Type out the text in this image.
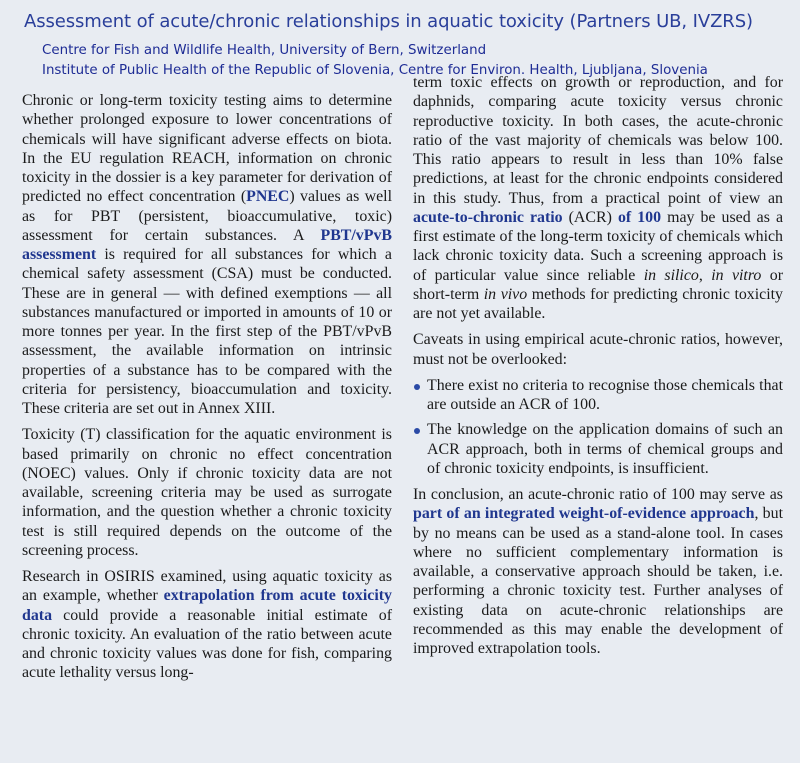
Assessment of acute/chronic relationships in aquatic toxicity (Partners UB, IVZRS)
Centre for Fish and Wildlife Health, University of Bern, Switzerland
Institute of Public Health of the Republic of Slovenia, Centre for Environ. Health, Ljubljana, Slovenia

Chronic or long-term toxicity testing aims to determine whether prolonged exposure to lower concentrations of chemicals will have significant adverse effects on biota. In the EU regulation REACH, information on chronic toxicity in the dossier is a key parameter for derivation of predicted no effect concentration (PNEC) values as well as for PBT (persistent, bioaccumulative, toxic) assessment for certain substances. A PBT/vPvB assessment is required for all substances for which a chemical safety assessment (CSA) must be conducted. These are in general — with defined exemptions — all substances manufactured or imported in amounts of 10 or more tonnes per year. In the first step of the PBT/vPvB assessment, the available information on intrinsic properties of a substance has to be compared with the criteria for persistency, bioaccumulation and toxicity. These criteria are set out in Annex XIII.

Toxicity (T) classification for the aquatic environment is based primarily on chronic no effect concentration (NOEC) values. Only if chronic toxicity data are not available, screening criteria may be used as surrogate information, and the question whether a chronic toxicity test is still required depends on the outcome of the screening process.

Research in OSIRIS examined, using aquatic toxicity as an example, whether extrapolation from acute toxicity data could provide a reasonable initial estimate of chronic toxicity. An evaluation of the ratio between acute and chronic toxicity values was done for fish, comparing acute lethality versus long-

term toxic effects on growth or reproduction, and for daphnids, comparing acute toxicity versus chronic reproductive toxicity. In both cases, the acute-chronic ratio of the vast majority of chemicals was below 100. This ratio appears to result in less than 10% false predictions, at least for the chronic endpoints considered in this study. Thus, from a practical point of view an acute-to-chronic ratio (ACR) of 100 may be used as a first estimate of the long-term toxicity of chemicals which lack chronic toxicity data. Such a screening approach is of particular value since reliable in silico, in vitro or short-term in vivo methods for predicting chronic toxicity are not yet available.

Caveats in using empirical acute-chronic ratios, however, must not be overlooked:

There exist no criteria to recognise those chemicals that are outside an ACR of 100.
The knowledge on the application domains of such an ACR approach, both in terms of chemical groups and of chronic toxicity endpoints, is insufficient.

In conclusion, an acute-chronic ratio of 100 may serve as part of an integrated weight-of-evidence approach, but by no means can be used as a stand-alone tool. In cases where no sufficient complementary information is available, a conservative approach should be taken, i.e. performing a chronic toxicity test. Further analyses of existing data on acute-chronic relationships are recommended as this may enable the development of improved extrapolation tools.
